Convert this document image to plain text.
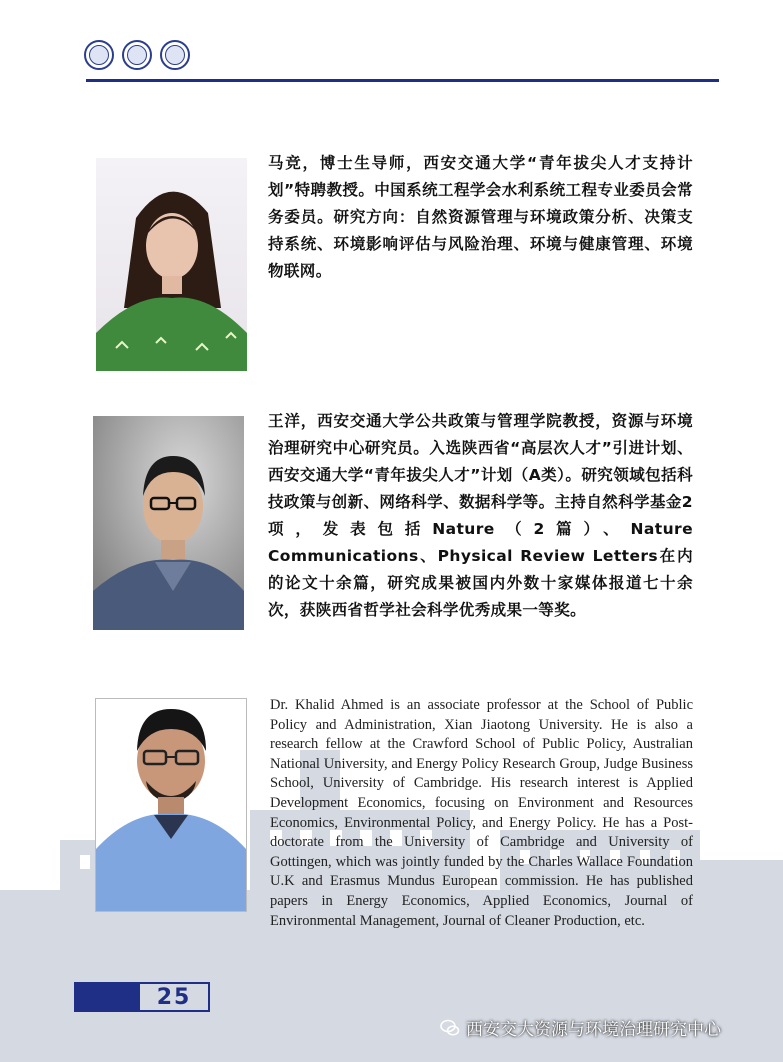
马竞，博士生导师，西安交通大学“青年拔尖人才支持计划”特聘教授。中国系统工程学会水利系统工程专业委员会常务委员。研究方向：自然资源管理与环境政策分析、决策支持系统、环境影响评估与风险治理、环境与健康管理、环境物联网。
王洋，西安交通大学公共政策与管理学院教授，资源与环境治理研究中心研究员。入选陕西省“高层次人才”引进计划、西安交通大学“青年拔尖人才”计划（A类）。研究领域包括科技政策与创新、网络科学、数据科学等。主持自然科学基金2项，发表包括Nature（2篇）、Nature Communications、Physical Review Letters在内的论文十余篇，研究成果被国内外数十家媒体报道七十余次，获陕西省哲学社会科学优秀成果一等奖。
Dr. Khalid Ahmed is an associate professor at the School of Public Policy and Administration, Xian Jiaotong University. He is also a research fellow at the Crawford School of Public Policy, Australian National University, and Energy Policy Research Group, Judge Business School, University of Cambridge. His research interest is Applied Development Economics, focusing on Environment and Resources Economics, Environmental Policy, and Energy Policy. He has a Post-doctorate from the University of Cambridge and University of Gottingen, which was jointly funded by the Charles Wallace Foundation U.K and Erasmus Mundus European commission. He has published papers in Energy Economics, Applied Economics, Journal of Environmental Management, Journal of Cleaner Production, etc.
25
西安交大资源与环境治理研究中心
